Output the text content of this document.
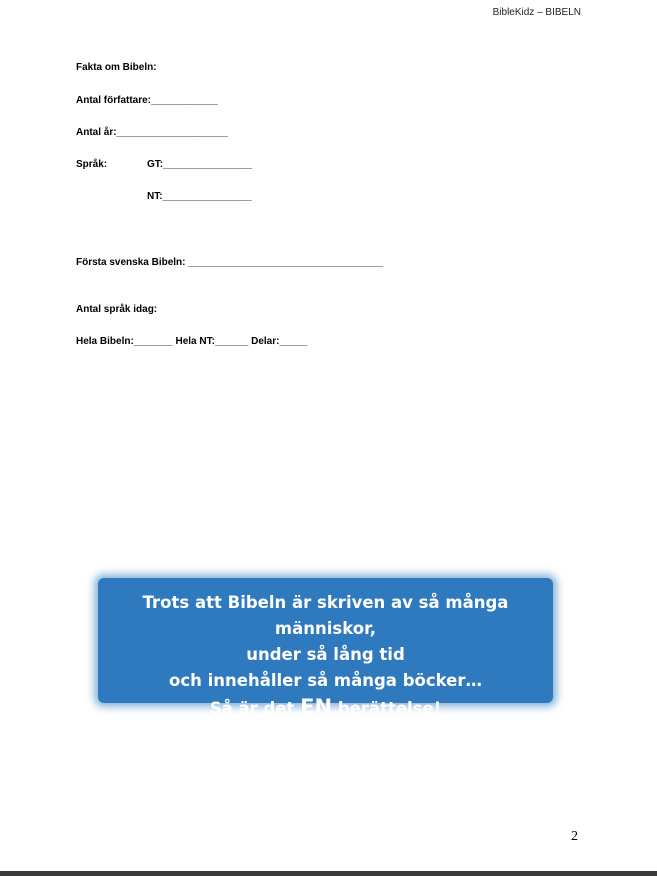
BibleKidz – BIBELN
Fakta om Bibeln:
Antal författare:____________
Antal år:____________________
Språk:	GT:________________
NT:________________
Första svenska Bibeln: ___________________________________
Antal språk idag:
Hela Bibeln:_______ Hela NT:______ Delar:_____
Trots att Bibeln är skriven av så många människor,
under så lång tid
och innehåller så många böcker…
Så är det EN berättelse!
2
